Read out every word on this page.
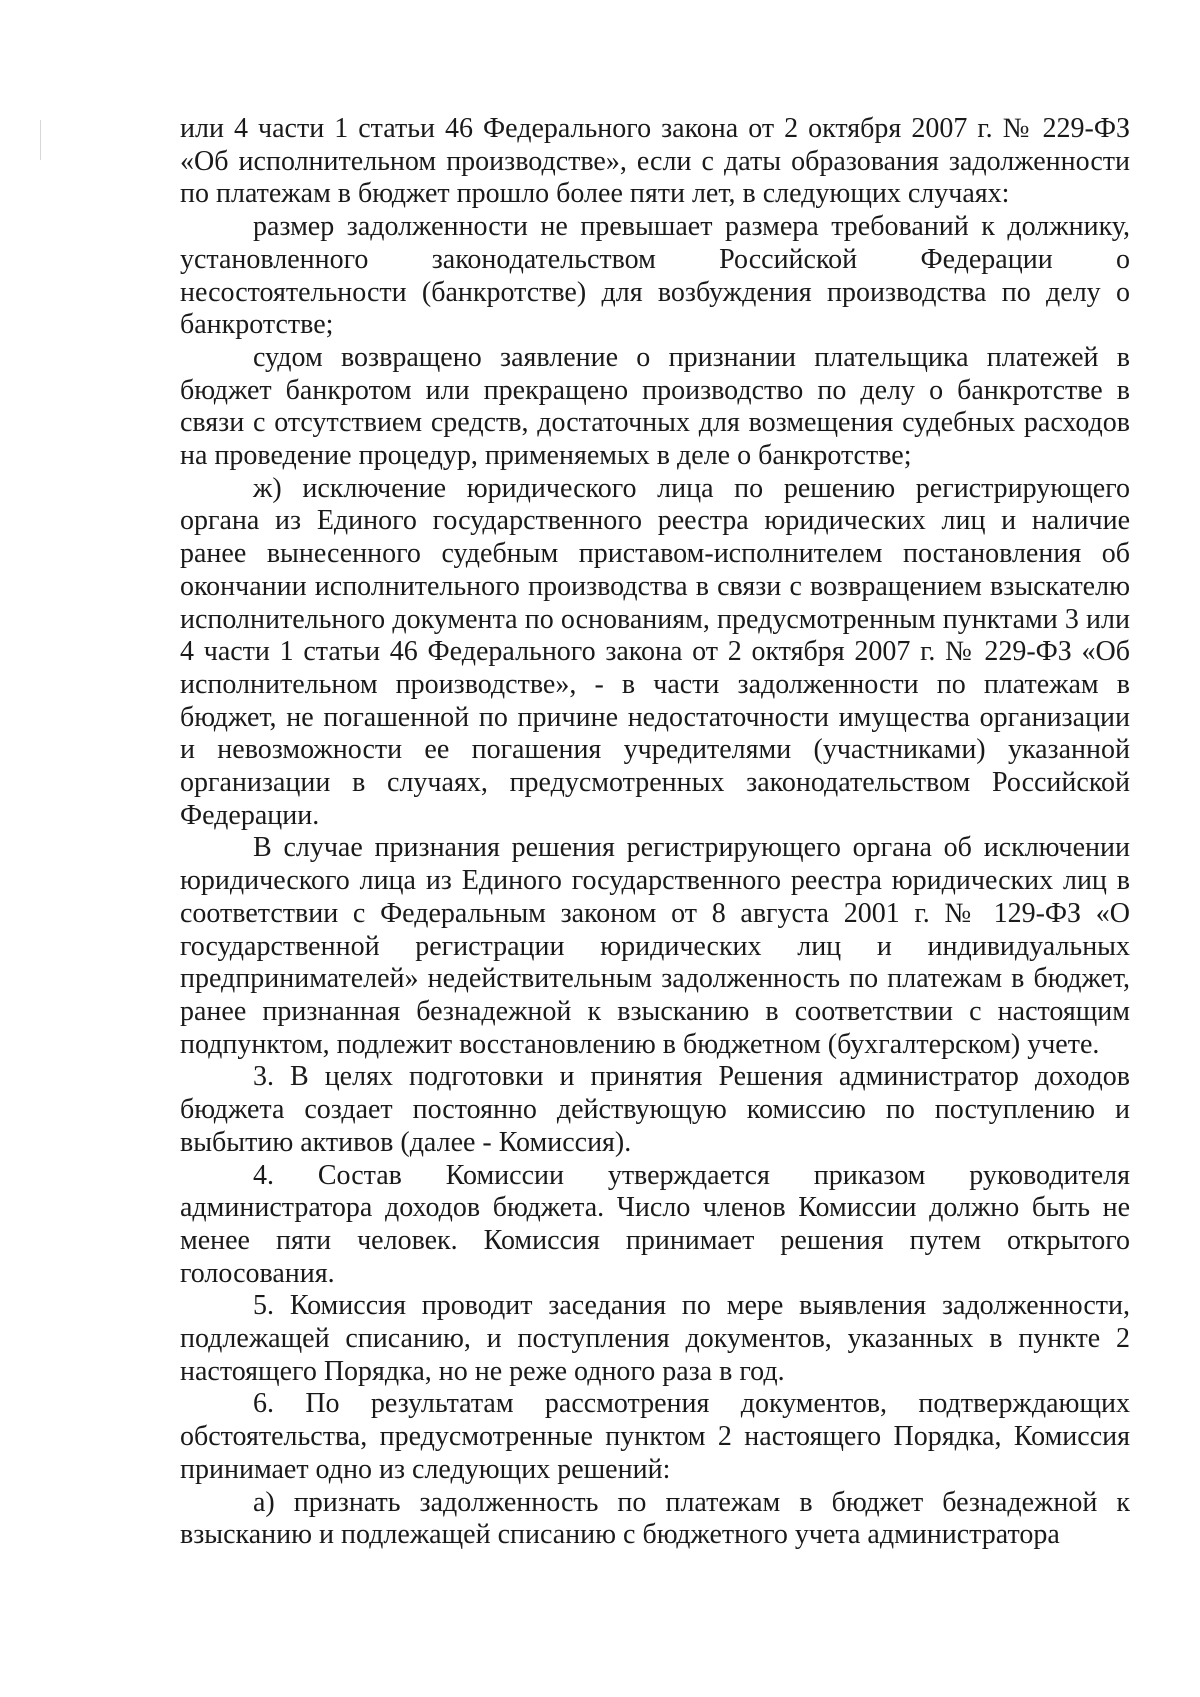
или 4 части 1 статьи 46 Федерального закона от 2 октября 2007 г. № 229-ФЗ «Об исполнительном производстве», если с даты образования задолженности по платежам в бюджет прошло более пяти лет, в следующих случаях:

размер задолженности не превышает размера требований к должнику, установленного законодательством Российской Федерации о несостоятельности (банкротстве) для возбуждения производства по делу о банкротстве;

судом возвращено заявление о признании плательщика платежей в бюджет банкротом или прекращено производство по делу о банкротстве в связи с отсутствием средств, достаточных для возмещения судебных расходов на проведение процедур, применяемых в деле о банкротстве;

ж) исключение юридического лица по решению регистрирующего органа из Единого государственного реестра юридических лиц и наличие ранее вынесенного судебным приставом-исполнителем постановления об окончании исполнительного производства в связи с возвращением взыскателю исполнительного документа по основаниям, предусмотренным пунктами 3 или 4 части 1 статьи 46 Федерального закона от 2 октября 2007 г. № 229-ФЗ «Об исполнительном производстве», - в части задолженности по платежам в бюджет, не погашенной по причине недостаточности имущества организации и невозможности ее погашения учредителями (участниками) указанной организации в случаях, предусмотренных законодательством Российской Федерации.

В случае признания решения регистрирующего органа об исключении юридического лица из Единого государственного реестра юридических лиц в соответствии с Федеральным законом от 8 августа 2001 г. № 129-ФЗ «О государственной регистрации юридических лиц и индивидуальных предпринимателей» недействительным задолженность по платежам в бюджет, ранее признанная безнадежной к взысканию в соответствии с настоящим подпунктом, подлежит восстановлению в бюджетном (бухгалтерском) учете.

3. В целях подготовки и принятия Решения администратор доходов бюджета создает постоянно действующую комиссию по поступлению и выбытию активов (далее - Комиссия).

4. Состав Комиссии утверждается приказом руководителя администратора доходов бюджета. Число членов Комиссии должно быть не менее пяти человек. Комиссия принимает решения путем открытого голосования.

5. Комиссия проводит заседания по мере выявления задолженности, подлежащей списанию, и поступления документов, указанных в пункте 2 настоящего Порядка, но не реже одного раза в год.

6. По результатам рассмотрения документов, подтверждающих обстоятельства, предусмотренные пунктом 2 настоящего Порядка, Комиссия принимает одно из следующих решений:

а) признать задолженность по платежам в бюджет безнадежной к взысканию и подлежащей списанию с бюджетного учета администратора
